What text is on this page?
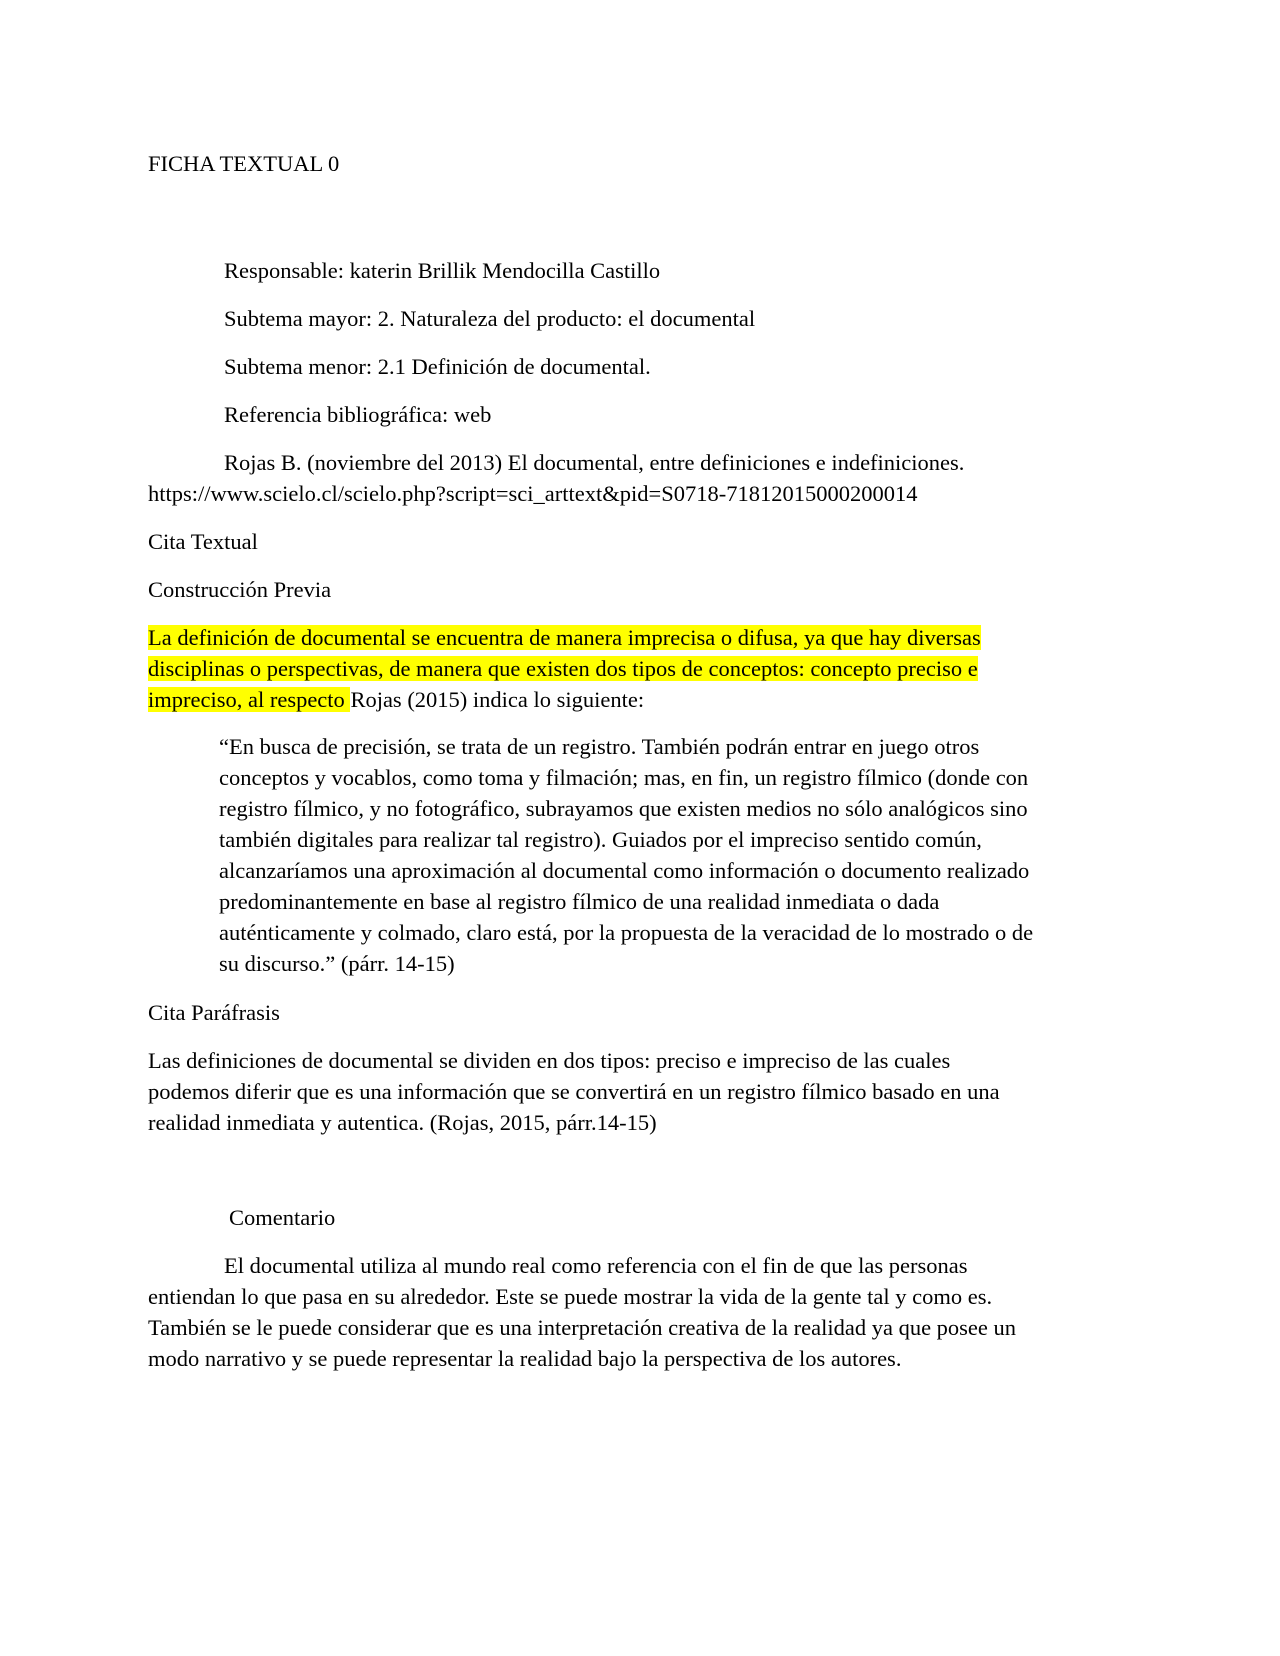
FICHA TEXTUAL 0
Responsable: katerin Brillik Mendocilla Castillo
Subtema mayor: 2. Naturaleza del producto: el documental
Subtema menor: 2.1 Definición de documental.
Referencia bibliográfica: web
Rojas B. (noviembre del 2013) El documental, entre definiciones e indefiniciones.
https://www.scielo.cl/scielo.php?script=sci_arttext&pid=S0718-71812015000200014
Cita Textual
Construcción Previa
La definición de documental se encuentra de manera imprecisa o difusa, ya que hay diversas
disciplinas o perspectivas, de manera que existen dos tipos de conceptos: concepto preciso e
impreciso, al respecto Rojas (2015) indica lo siguiente:
“En busca de precisión, se trata de un registro. También podrán entrar en juego otros
conceptos y vocablos, como toma y filmación; mas, en fin, un registro fílmico (donde con
registro fílmico, y no fotográfico, subrayamos que existen medios no sólo analógicos sino
también digitales para realizar tal registro). Guiados por el impreciso sentido común,
alcanzaríamos una aproximación al documental como información o documento realizado
predominantemente en base al registro fílmico de una realidad inmediata o dada
auténticamente y colmado, claro está, por la propuesta de la veracidad de lo mostrado o de
su discurso.” (párr. 14-15)
Cita Paráfrasis
Las definiciones de documental se dividen en dos tipos: preciso e impreciso de las cuales
podemos diferir que es una información que se convertirá en un registro fílmico basado en una
realidad inmediata y autentica. (Rojas, 2015, párr.14-15)
Comentario
El documental utiliza al mundo real como referencia con el fin de que las personas
entiendan lo que pasa en su alrededor. Este se puede mostrar la vida de la gente tal y como es.
También se le puede considerar que es una interpretación creativa de la realidad ya que posee un
modo narrativo y se puede representar la realidad bajo la perspectiva de los autores.
